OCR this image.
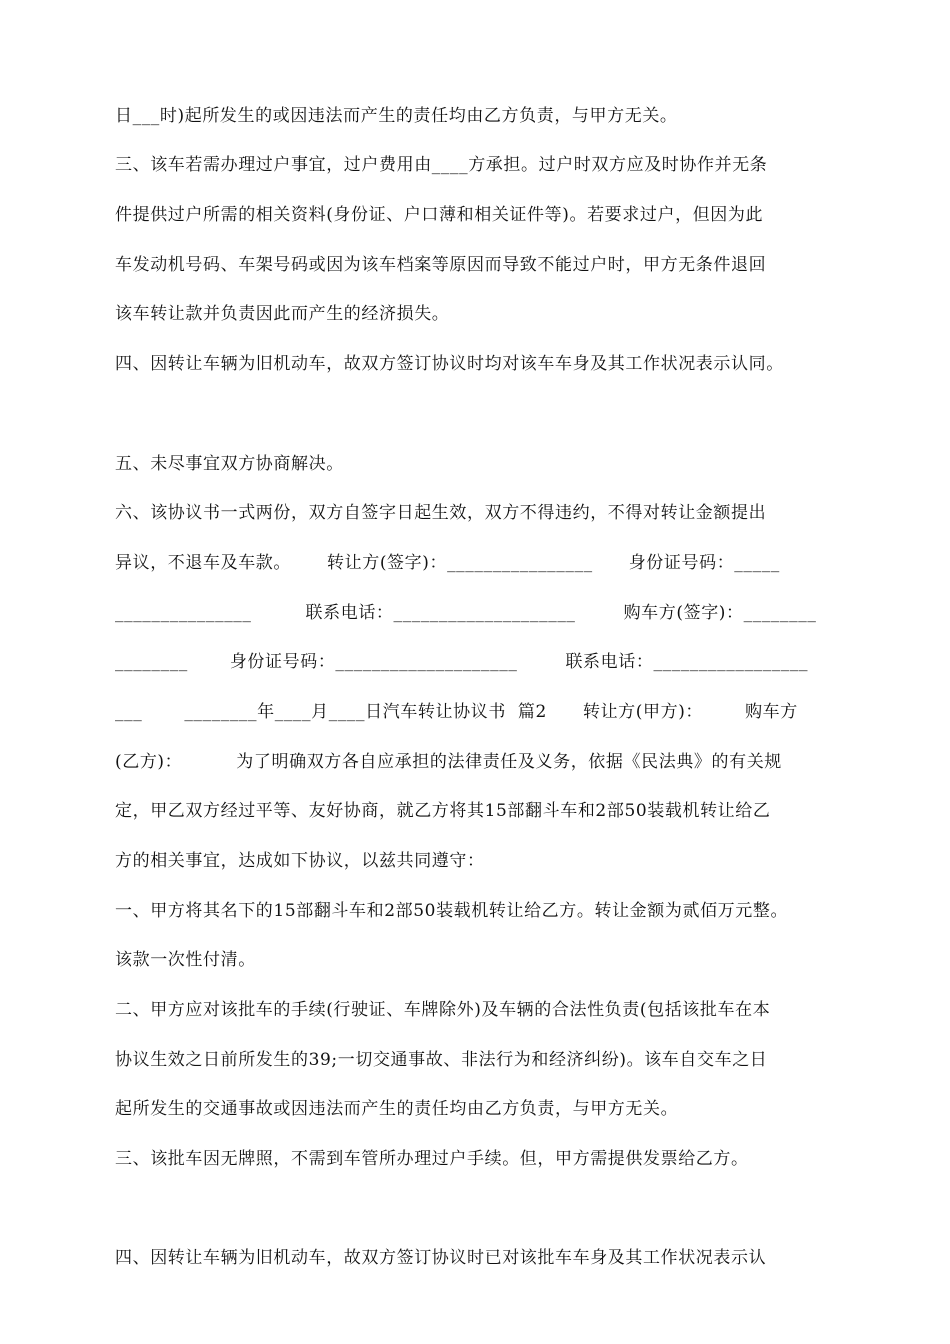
日___时)起所发生的或因违法而产生的责任均由乙方负责，与甲方无关。
三、该车若需办理过户事宜，过户费用由____方承担。过户时双方应及时协作并无条
件提供过户所需的相关资料(身份证、户口薄和相关证件等)。若要求过户，但因为此
车发动机号码、车架号码或因为该车档案等原因而导致不能过户时，甲方无条件退回
该车转让款并负责因此而产生的经济损失。
四、因转让车辆为旧机动车，故双方签订协议时均对该车车身及其工作状况表示认同。
五、未尽事宜双方协商解决。
六、该协议书一式两份，双方自签字日起生效，双方不得违约，不得对转让金额提出
异议，不退车及车款。      转让方(签字)：________________      身份证号码：_____
_______________         联系电话：____________________        购车方(签字)：________
________       身份证号码：____________________        联系电话：_________________
___       ________年____月____日汽车转让协议书  篇2      转让方(甲方)：       购车方
(乙方)：         为了明确双方各自应承担的法律责任及义务，依据《民法典》的有关规
定，甲乙双方经过平等、友好协商，就乙方将其15部翻斗车和2部50装载机转让给乙
方的相关事宜，达成如下协议，以兹共同遵守：
一、甲方将其名下的15部翻斗车和2部50装载机转让给乙方。转让金额为贰佰万元整。
该款一次性付清。
二、甲方应对该批车的手续(行驶证、车牌除外)及车辆的合法性负责(包括该批车在本
协议生效之日前所发生的39;一切交通事故、非法行为和经济纠纷)。该车自交车之日
起所发生的交通事故或因违法而产生的责任均由乙方负责，与甲方无关。
三、该批车因无牌照，不需到车管所办理过户手续。但，甲方需提供发票给乙方。
四、因转让车辆为旧机动车，故双方签订协议时已对该批车车身及其工作状况表示认
